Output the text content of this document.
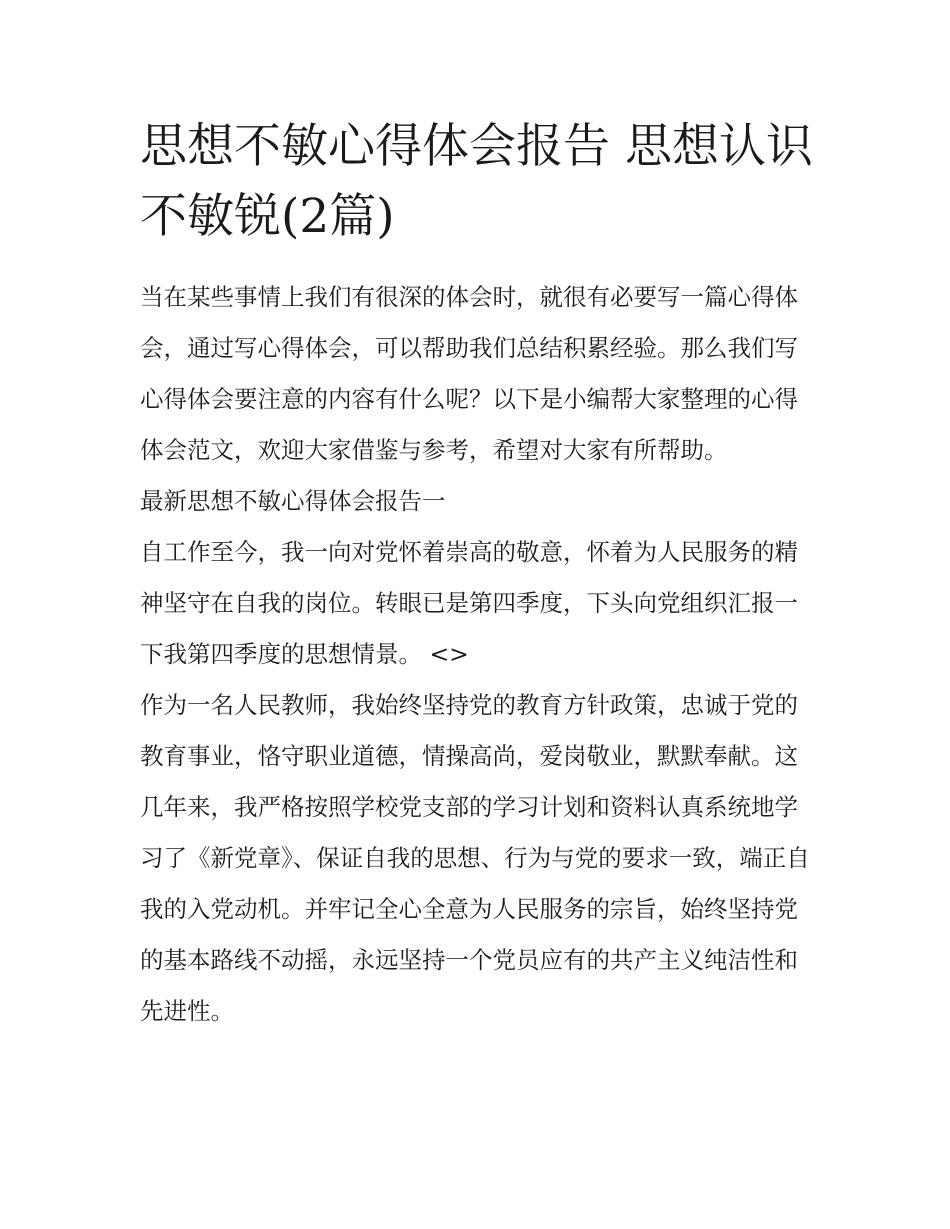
思想不敏心得体会报告 思想认识不敏锐(2篇)

当在某些事情上我们有很深的体会时，就很有必要写一篇心得体会，通过写心得体会，可以帮助我们总结积累经验。那么我们写心得体会要注意的内容有什么呢？以下是小编帮大家整理的心得体会范文，欢迎大家借鉴与参考，希望对大家有所帮助。

最新思想不敏心得体会报告一

自工作至今，我一向对党怀着崇高的敬意，怀着为人民服务的精神坚守在自我的岗位。转眼已是第四季度，下头向党组织汇报一下我第四季度的思想情景。 <>

作为一名人民教师，我始终坚持党的教育方针政策，忠诚于党的教育事业，恪守职业道德，情操高尚，爱岗敬业，默默奉献。这几年来，我严格按照学校党支部的学习计划和资料认真系统地学习了《新党章》、保证自我的思想、行为与党的要求一致，端正自我的入党动机。并牢记全心全意为人民服务的宗旨，始终坚持党的基本路线不动摇，永远坚持一个党员应有的共产主义纯洁性和先进性。
